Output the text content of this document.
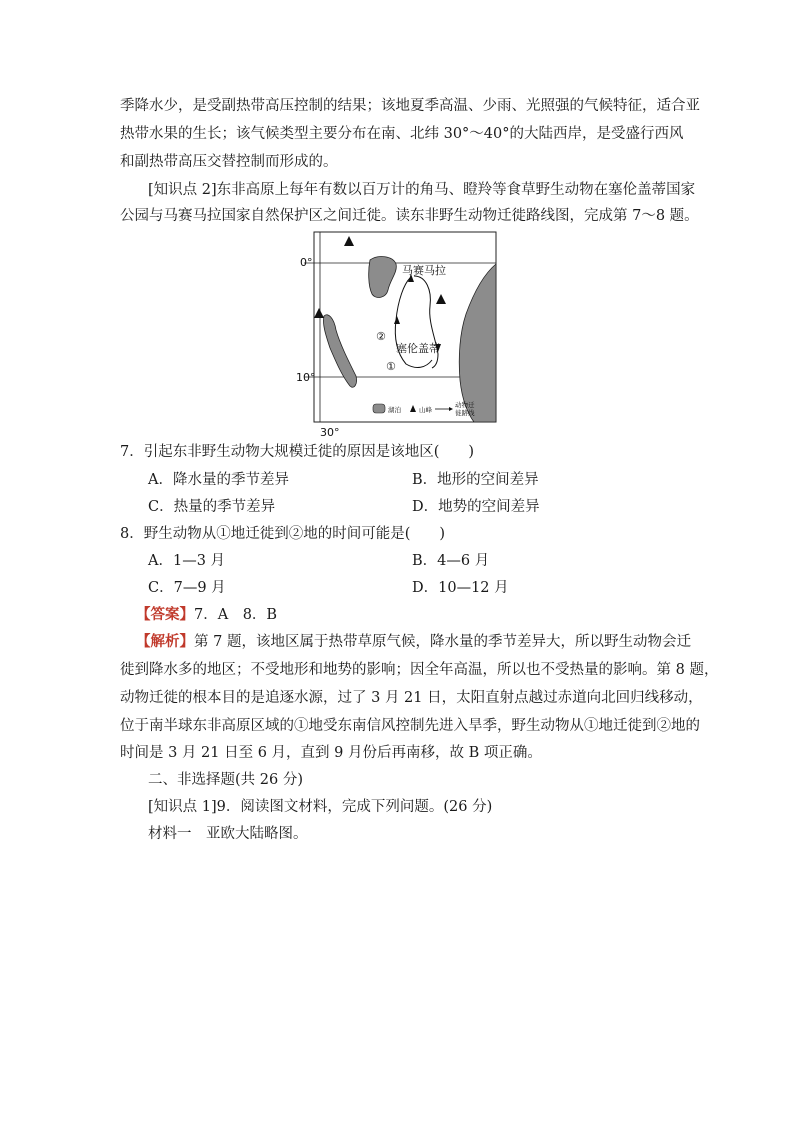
季降水少，是受副热带高压控制的结果；该地夏季高温、少雨、光照强的气候特征，适合亚
热带水果的生长；该气候类型主要分布在南、北纬 30°～40°的大陆西岸，是受盛行西风
和副热带高压交替控制而形成的。
[知识点 2]东非高原上每年有数以百万计的角马、瞪羚等食草野生动物在塞伦盖蒂国家
公园与马赛马拉国家自然保护区之间迁徙。读东非野生动物迁徙路线图，完成第 7～8 题。
0°
10°
30°
马赛马拉
塞伦盖蒂
②
①
湖泊	山峰
动物迁
徙路线
7．引起东非野生动物大规模迁徙的原因是该地区(　　)
A．降水量的季节差异	B．地形的空间差异
C．热量的季节差异	D．地势的空间差异
8．野生动物从①地迁徙到②地的时间可能是(　　)
A．1—3 月	B．4—6 月
C．7—9 月	D．10—12 月
【答案】7．A　8．B
【解析】第 7 题，该地区属于热带草原气候，降水量的季节差异大，所以野生动物会迁
徙到降水多的地区；不受地形和地势的影响；因全年高温，所以也不受热量的影响。第 8 题，
动物迁徙的根本目的是追逐水源，过了 3 月 21 日，太阳直射点越过赤道向北回归线移动，
位于南半球东非高原区域的①地受东南信风控制先进入旱季，野生动物从①地迁徙到②地的
时间是 3 月 21 日至 6 月，直到 9 月份后再南移，故 B 项正确。
二、非选择题(共 26 分)
[知识点 1]9．阅读图文材料，完成下列问题。(26 分)
材料一　亚欧大陆略图。
